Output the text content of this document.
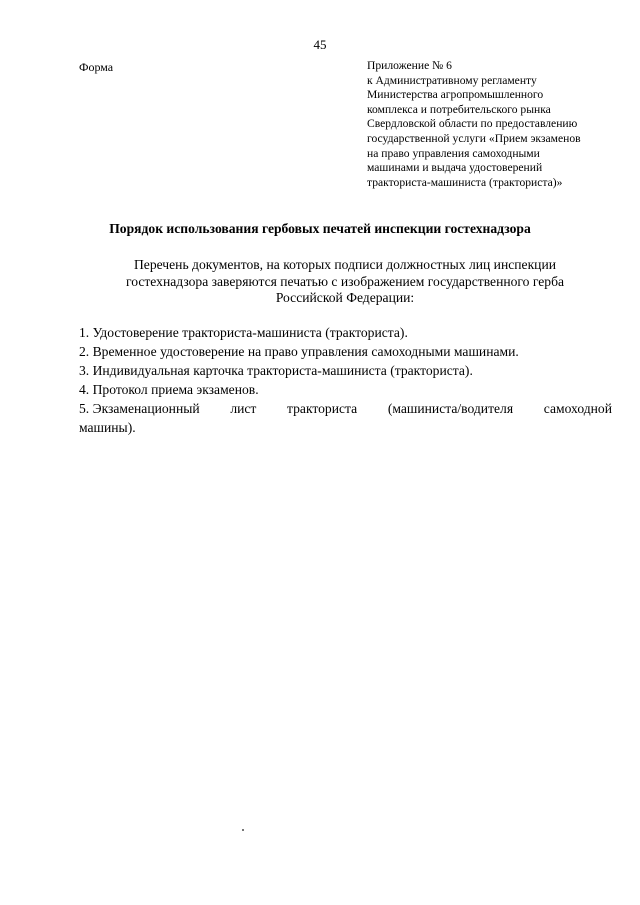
45
Форма	Приложение № 6
к Административному регламенту
Министерства агропромышленного
комплекса и потребительского рынка
Свердловской области по предоставлению
государственной услуги «Прием экзаменов
на право управления самоходными
машинами и выдача удостоверений
тракториста-машиниста (тракториста)»
Порядок использования гербовых печатей инспекции гостехнадзора
Перечень документов, на которых подписи должностных лиц инспекции
гостехнадзора заверяются печатью с изображением государственного герба
Российской Федерации:
1. Удостоверение тракториста-машиниста (тракториста).
2. Временное удостоверение на право управления самоходными машинами.
3. Индивидуальная карточка тракториста-машиниста (тракториста).
4. Протокол приема экзаменов.
5. Экзаменационный лист тракториста (машиниста/водителя самоходной
машины).
